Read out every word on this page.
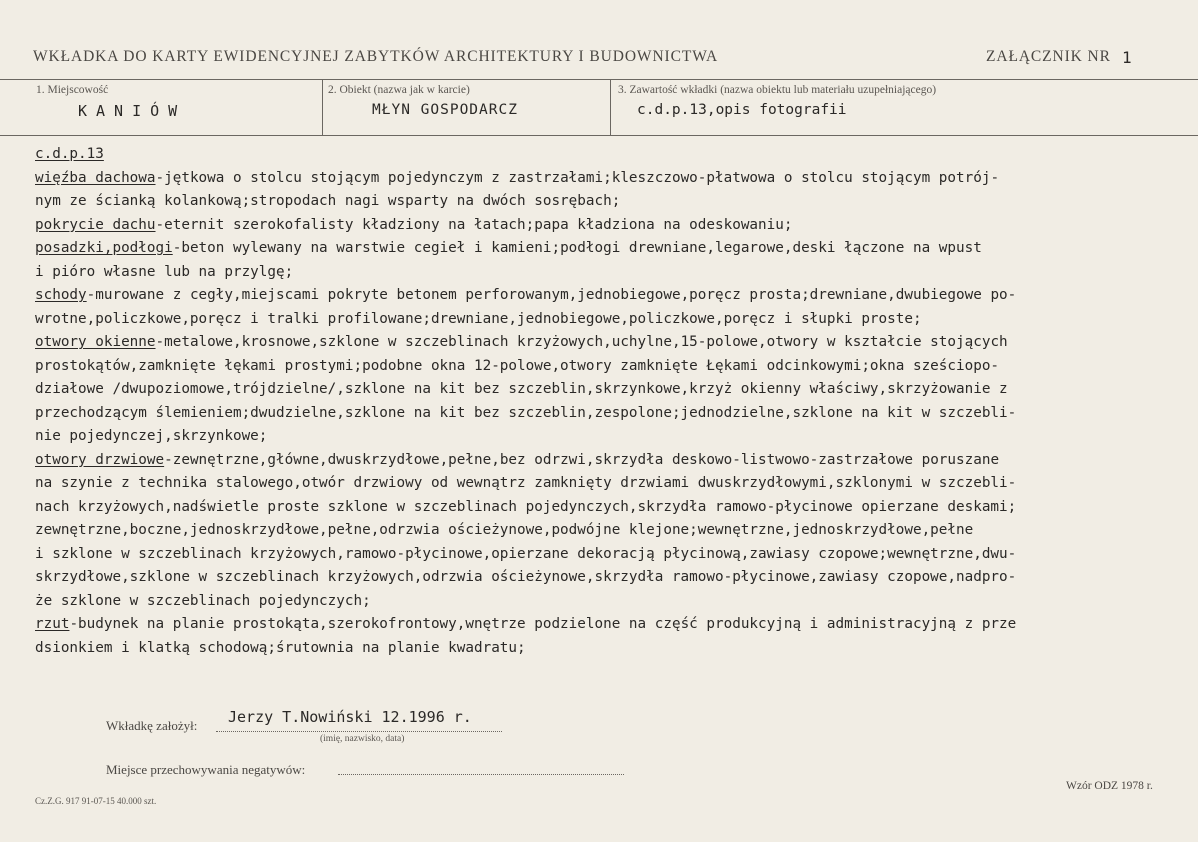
WKŁADKA DO KARTY EWIDENCYJNEJ ZABYTKÓW ARCHITEKTURY I BUDOWNICTWA	ZAŁĄCZNIK NR 1
1. Miejscowość
KANIÓW
2. Obiekt (nazwa jak w karcie)
MŁYN GOSPODARCZ
3. Zawartość wkładki (nazwa obiektu lub materiału uzupełniającego)
c.d.p.13,opis fotografii
c.d.p.13
więźba dachowa-jętkowa o stolcu stojącym pojedynczym z zastrzałami;kleszczowo-płatwowa o stolcu stojącym potrój-
nym ze ścianką kolankową;stropodach nagi wsparty na dwóch sosrębach;
pokrycie dachu-eternit szerokofalisty kładziony na łatach;papa kładziona na odeskowaniu;
posadzki,podłogi-beton wylewany na warstwie cegieł i kamieni;podłogi drewniane,legarowe,deski łączone na wpust
i pióro własne lub na przylgę;
schody-murowane z cegły,miejscami pokryte betonem perforowanym,jednobiegowe,poręcz prosta;drewniane,dwubiegowe po-
wrotne,policzkowe,poręcz i tralki profilowane;drewniane,jednobiegowe,policzkowe,poręcz i słupki proste;
otwory okienne-metalowe,krosnowe,szklone w szczeblinach krzyżowych,uchylne,15-polowe,otwory w kształcie stojących
prostokątów,zamknięte łękami prostymi;podobne okna 12-polowe,otwory zamknięte Łękami odcinkowymi;okna sześciopo-
działowe /dwupoziomowe,trójdzielne/,szklone na kit bez szczeblin,skrzynkowe,krzyż okienny właściwy,skrzyżowanie z
przechodzącym ślemieniem;dwudzielne,szklone na kit bez szczeblin,zespolone;jednodzielne,szklone na kit w szczebli-
nie pojedynczej,skrzynkowe;
otwory drzwiowe-zewnętrzne,główne,dwuskrzydłowe,pełne,bez odrzwi,skrzydła deskowo-listwowo-zastrzałowe poruszane
na szynie z technika stalowego,otwór drzwiowy od wewnątrz zamknięty drzwiami dwuskrzydłowymi,szklonymi w szczebli-
nach krzyżowych,nadświetle proste szklone w szczeblinach pojedynczych,skrzydła ramowo-płycinowe opierzane deskami;
zewnętrzne,boczne,jednoskrzydłowe,pełne,odrzwia ościeżynowe,podwójne klejone;wewnętrzne,jednoskrzydłowe,pełne
i szklone w szczeblinach krzyżowych,ramowo-płycinowe,opierzane dekoracją płycinową,zawiasy czopowe;wewnętrzne,dwu-
skrzydłowe,szklone w szczeblinach krzyżowych,odrzwia ościeżynowe,skrzydła ramowo-płycinowe,zawiasy czopowe,nadpro-
że szklone w szczeblinach pojedynczych;
rzut-budynek na planie prostokąta,szerokofrontowy,wnętrze podzielone na część produkcyjną i administracyjną z prze
dsionkiem i klatką schodową;śrutownia na planie kwadratu;
Jerzy T.Nowiński 12.1996 r.
Wkładkę założył:
(imię, nazwisko, data)
Miejsce przechowywania negatywów:
Wzór ODZ 1978 r.
Cz.Z.G. 917 91-07-15 40.000 szt.
